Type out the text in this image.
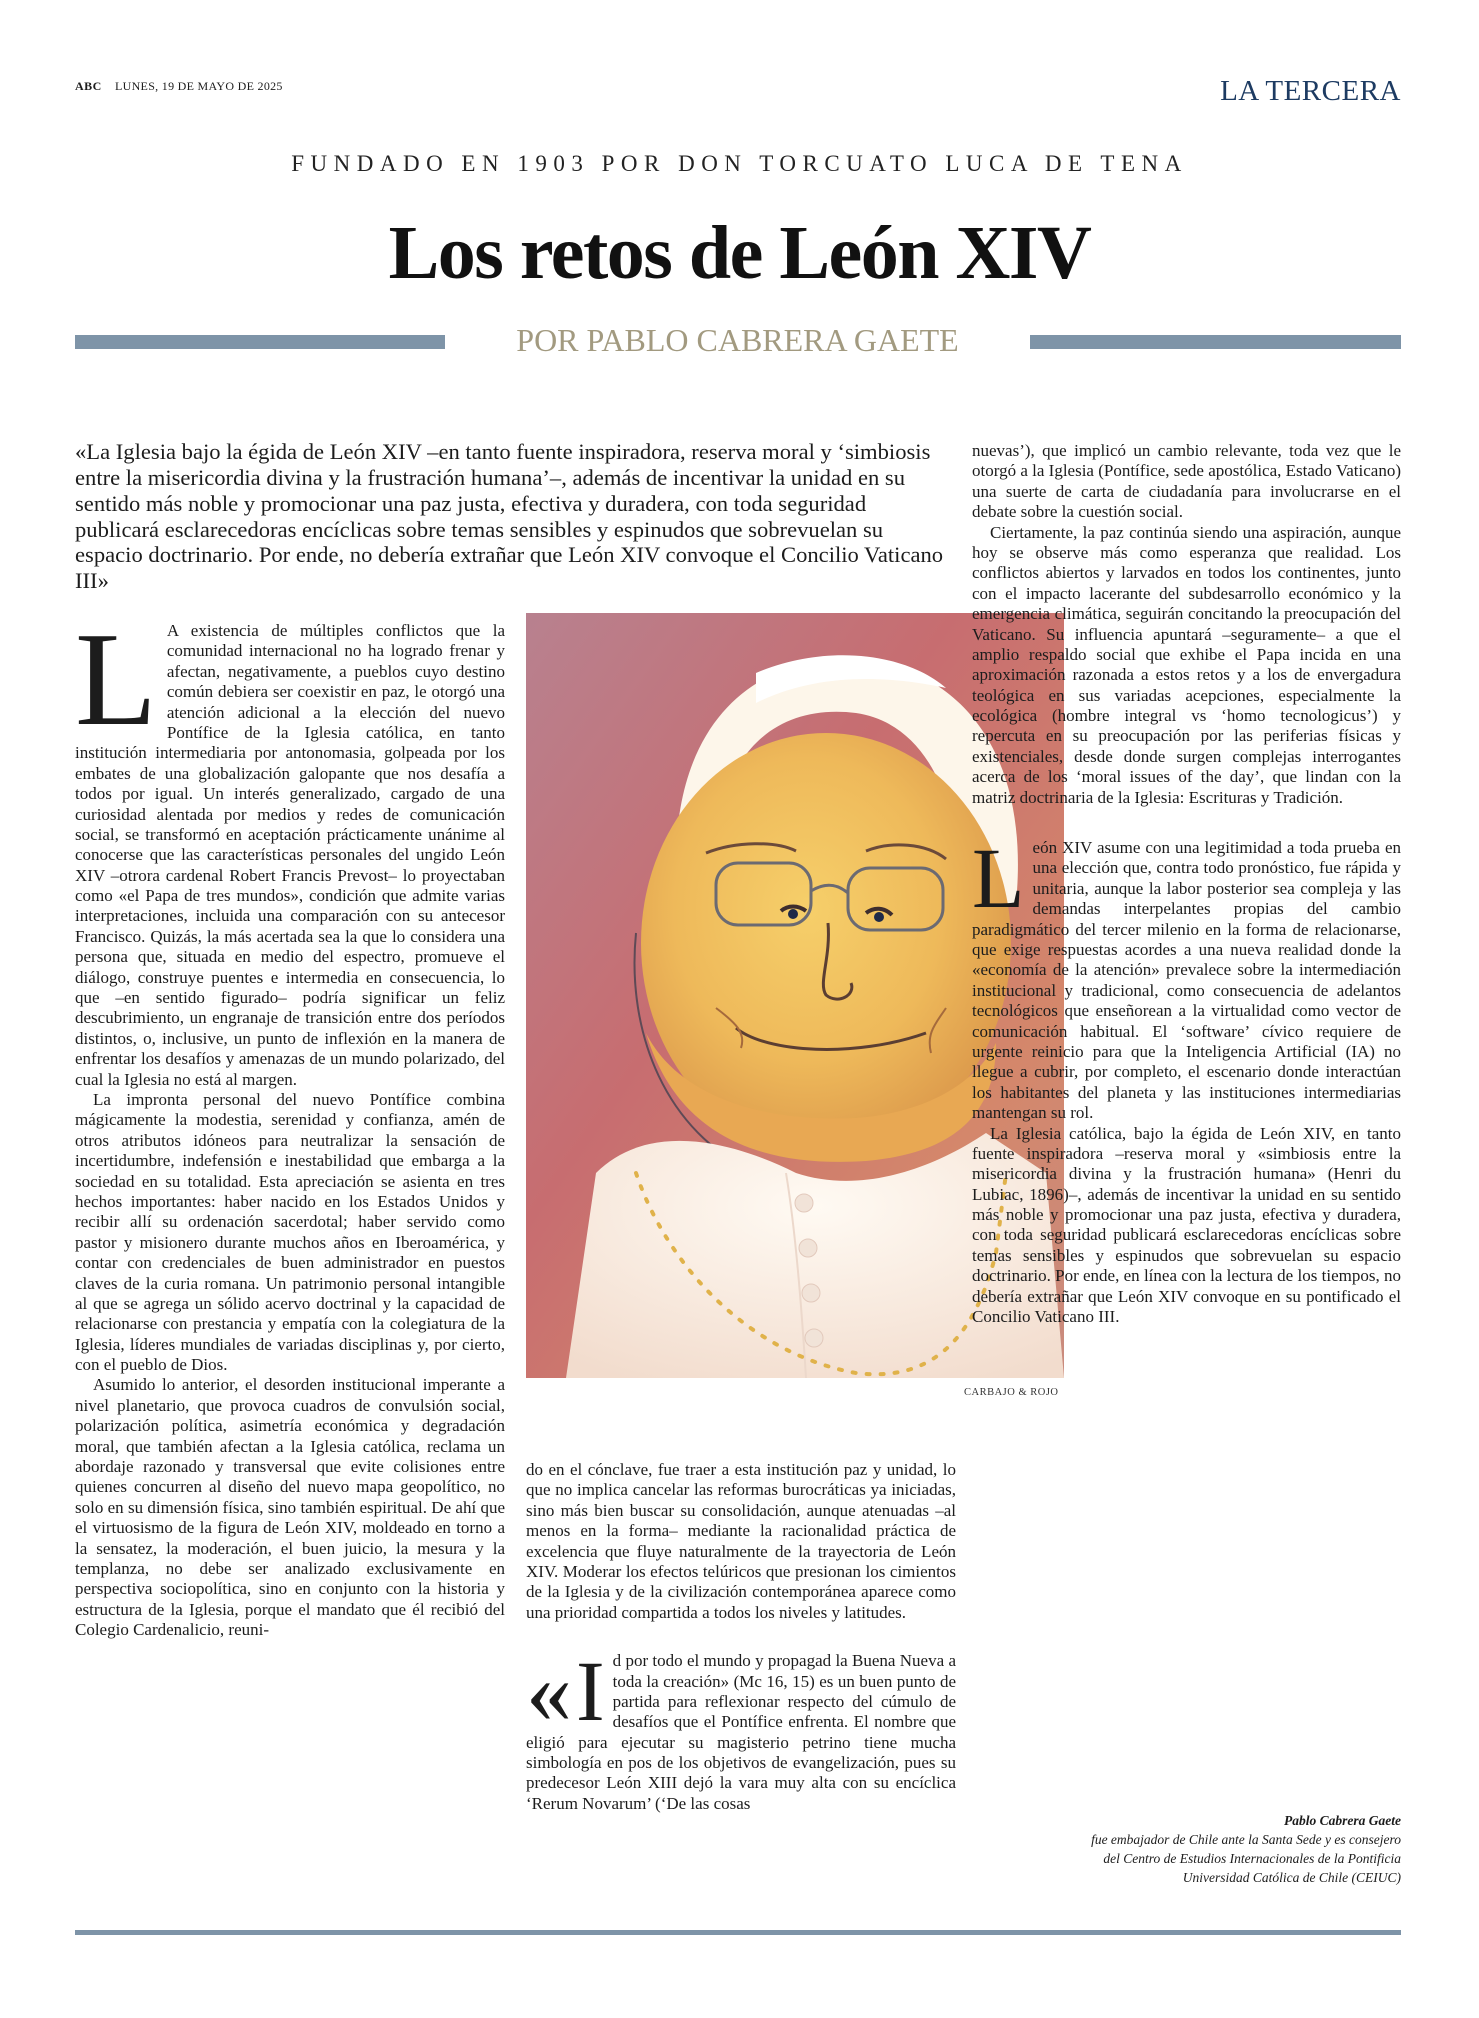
ABC LUNES, 19 DE MAYO DE 2025	LA TERCERA
FUNDADO EN 1903 POR DON TORCUATO LUCA DE TENA
Los retos de León XIV
POR PABLO CABRERA GAETE
«La Iglesia bajo la égida de León XIV –en tanto fuente inspiradora, reserva moral y ‘simbiosis entre la misericordia divina y la frustración humana’–, además de incentivar la unidad en su sentido más noble y promocionar una paz justa, efectiva y duradera, con toda seguridad publicará esclarecedoras encíclicas sobre temas sensibles y espinudos que sobrevuelan su espacio doctrinario. Por ende, no debería extrañar que León XIV convoque el Concilio Vaticano III»

L A existencia de múltiples conflictos que la comunidad internacional no ha logrado frenar y afectan, negativamente, a pueblos cuyo destino común debiera ser coexistir en paz, le otorgó una atención adicional a la elección del nuevo Pontífice de la Iglesia católica, en tanto institución intermediaria por antonomasia, golpeada por los embates de una globalización galopante que nos desafía a todos por igual. Un interés generalizado, cargado de una curiosidad alentada por medios y redes de comunicación social, se transformó en aceptación prácticamente unánime al conocerse que las características personales del ungido León XIV –otrora cardenal Robert Francis Prevost– lo proyectaban como «el Papa de tres mundos», condición que admite varias interpretaciones, incluida una comparación con su antecesor Francisco. Quizás, la más acertada sea la que lo considera una persona que, situada en medio del espectro, promueve el diálogo, construye puentes e intermedia en consecuencia, lo que –en sentido figurado– podría significar un feliz descubrimiento, un engranaje de transición entre dos períodos distintos, o, inclusive, un punto de inflexión en la manera de enfrentar los desafíos y amenazas de un mundo polarizado, del cual la Iglesia no está al margen.

La impronta personal del nuevo Pontífice combina mágicamente la modestia, serenidad y confianza, amén de otros atributos idóneos para neutralizar la sensación de incertidumbre, indefensión e inestabilidad que embarga a la sociedad en su totalidad. Esta apreciación se asienta en tres hechos importantes: haber nacido en los Estados Unidos y recibir allí su ordenación sacerdotal; haber servido como pastor y misionero durante muchos años en Iberoamérica, y contar con credenciales de buen administrador en puestos claves de la curia romana. Un patrimonio personal intangible al que se agrega un sólido acervo doctrinal y la capacidad de relacionarse con prestancia y empatía con la colegiatura de la Iglesia, líderes mundiales de variadas disciplinas y, por cierto, con el pueblo de Dios.

Asumido lo anterior, el desorden institucional imperante a nivel planetario, que provoca cuadros de convulsión social, polarización política, asimetría económica y degradación moral, que también afectan a la Iglesia católica, reclama un abordaje razonado y transversal que evite colisiones entre quienes concurren al diseño del nuevo mapa geopolítico, no solo en su dimensión física, sino también espiritual. De ahí que el virtuosismo de la figura de León XIV, moldeado en torno a la sensatez, la moderación, el buen juicio, la mesura y la templanza, no debe ser analizado exclusivamente en perspectiva sociopolítica, sino en conjunto con la historia y estructura de la Iglesia, porque el mandato que él recibió del Colegio Cardenalicio, reuni-

CARBAJO & ROJO

do en el cónclave, fue traer a esta institución paz y unidad, lo que no implica cancelar las reformas burocráticas ya iniciadas, sino más bien buscar su consolidación, aunque atenuadas –al menos en la forma– mediante la racionalidad práctica de excelencia que fluye naturalmente de la trayectoria de León XIV. Moderar los efectos telúricos que presionan los cimientos de la Iglesia y de la civilización contemporánea aparece como una prioridad compartida a todos los niveles y latitudes.

« I d por todo el mundo y propagad la Buena Nueva a toda la creación» (Mc 16, 15) es un buen punto de partida para reflexionar respecto del cúmulo de desafíos que el Pontífice enfrenta. El nombre que eligió para ejecutar su magisterio petrino tiene mucha simbología en pos de los objetivos de evangelización, pues su predecesor León XIII dejó la vara muy alta con su encíclica ‘Rerum Novarum’ (‘De las cosas

nuevas’), que implicó un cambio relevante, toda vez que le otorgó a la Iglesia (Pontífice, sede apostólica, Estado Vaticano) una suerte de carta de ciudadanía para involucrarse en el debate sobre la cuestión social.

Ciertamente, la paz continúa siendo una aspiración, aunque hoy se observe más como esperanza que realidad. Los conflictos abiertos y larvados en todos los continentes, junto con el impacto lacerante del subdesarrollo económico y la emergencia climática, seguirán concitando la preocupación del Vaticano. Su influencia apuntará –seguramente– a que el amplio respaldo social que exhibe el Papa incida en una aproximación razonada a estos retos y a los de envergadura teológica en sus variadas acepciones, especialmente la ecológica (hombre integral vs ‘homo tecnologicus’) y repercuta en su preocupación por las periferias físicas y existenciales, desde donde surgen complejas interrogantes acerca de los ‘moral issues of the day’, que lindan con la matriz doctrinaria de la Iglesia: Escrituras y Tradición.

León XIV asume con una legitimidad a toda prueba en una elección que, contra todo pronóstico, fue rápida y unitaria, aunque la labor posterior sea compleja y las demandas interpelantes propias del cambio paradigmático del tercer milenio en la forma de relacionarse, que exige respuestas acordes a una nueva realidad donde la «economía de la atención» prevalece sobre la intermediación institucional y tradicional, como consecuencia de adelantos tecnológicos que enseñorean a la virtualidad como vector de comunicación habitual. El ‘software’ cívico requiere de urgente reinicio para que la Inteligencia Artificial (IA) no llegue a cubrir, por completo, el escenario donde interactúan los habitantes del planeta y las instituciones intermediarias mantengan su rol.

La Iglesia católica, bajo la égida de León XIV, en tanto fuente inspiradora –reserva moral y «simbiosis entre la misericordia divina y la frustración humana» (Henri du Lubiac, 1896)–, además de incentivar la unidad en su sentido más noble y promocionar una paz justa, efectiva y duradera, con toda seguridad publicará esclarecedoras encíclicas sobre temas sensibles y espinudos que sobrevuelan su espacio doctrinario. Por ende, en línea con la lectura de los tiempos, no debería extrañar que León XIV convoque en su pontificado el Concilio Vaticano III.

Pablo Cabrera Gaete
fue embajador de Chile ante la Santa Sede y es consejero
del Centro de Estudios Internacionales de la Pontificia
Universidad Católica de Chile (CEIUC)
